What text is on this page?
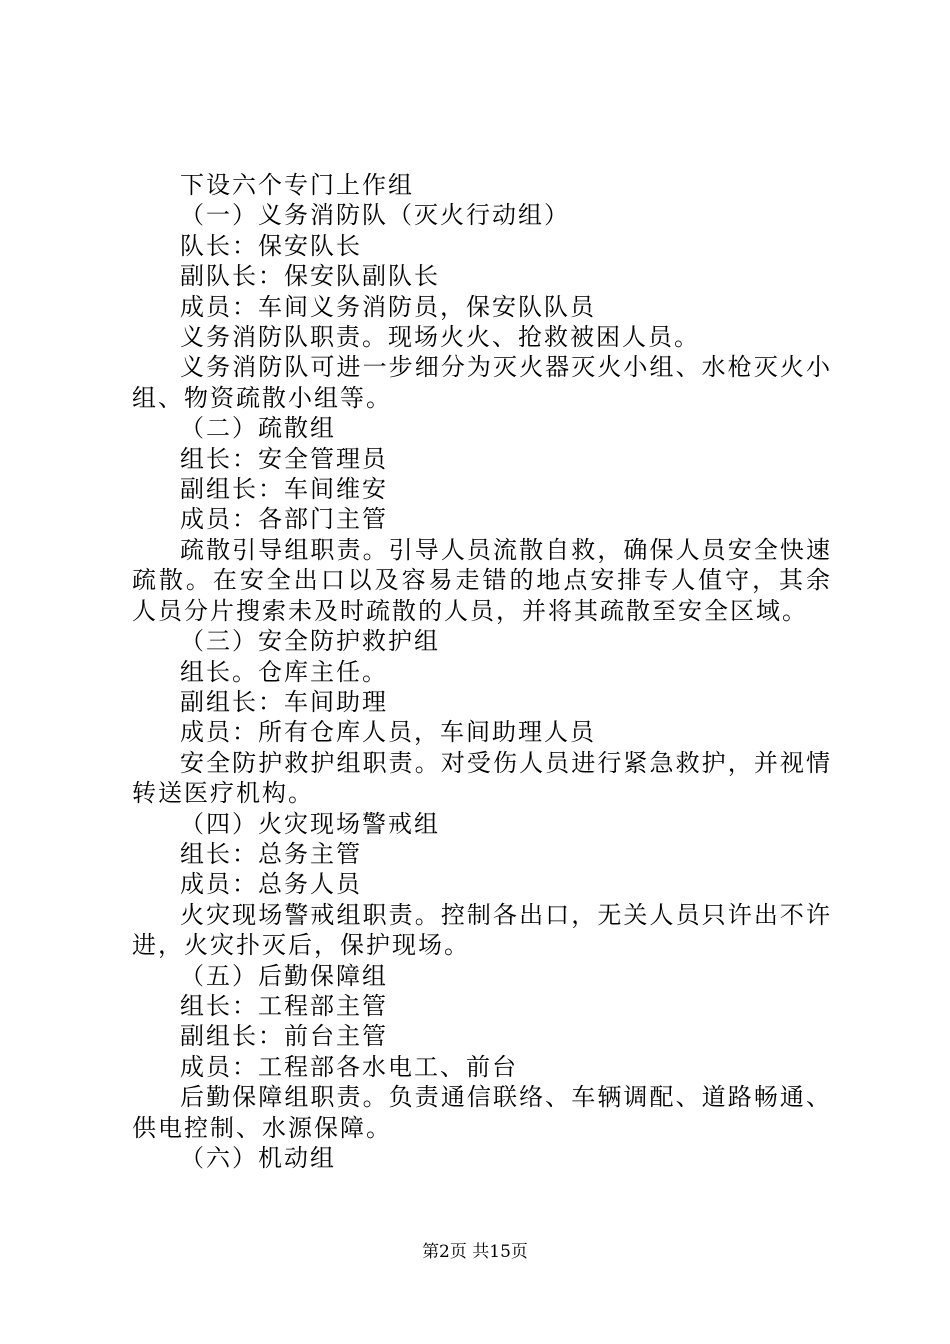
下设六个专门上作组

（一）义务消防队（灭火行动组）

队长：保安队长

副队长：保安队副队长

成员：车间义务消防员，保安队队员

义务消防队职责。现场火火、抢救被困人员。

义务消防队可进一步细分为灭火器灭火小组、水枪灭火小组、物资疏散小组等。

（二）疏散组

组长：安全管理员

副组长：车间维安

成员：各部门主管

疏散引导组职责。引导人员流散自救，确保人员安全快速疏散。在安全出口以及容易走错的地点安排专人值守，其余人员分片搜索未及时疏散的人员，并将其疏散至安全区域。

（三）安全防护救护组

组长。仓库主任。

副组长：车间助理

成员：所有仓库人员，车间助理人员

安全防护救护组职责。对受伤人员进行紧急救护，并视情转送医疗机构。

（四）火灾现场警戒组

组长：总务主管

成员：总务人员

火灾现场警戒组职责。控制各出口，无关人员只许出不许进，火灾扑灭后，保护现场。

（五）后勤保障组

组长：工程部主管

副组长：前台主管

成员：工程部各水电工、前台

后勤保障组职责。负责通信联络、车辆调配、道路畅通、供电控制、水源保障。

（六）机动组

第2页 共15页
